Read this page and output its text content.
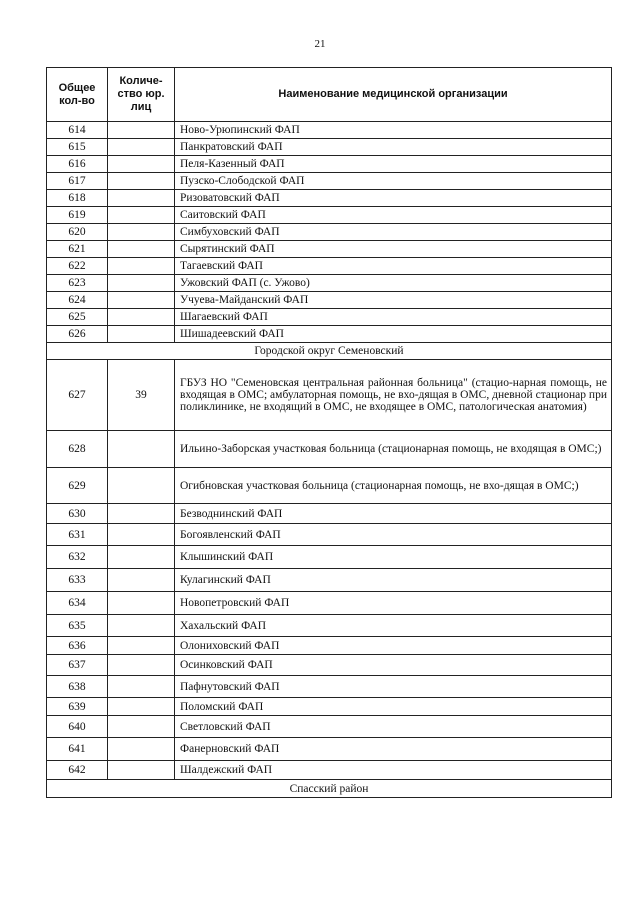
21
Общее кол-во	Количе-ство юр. лиц	Наименование медицинской организации
614		Ново-Урюпинский ФАП
615		Панкратовский ФАП
616		Пеля-Казенный ФАП
617		Пузско-Слободской ФАП
618		Ризоватовский ФАП
619		Саитовский ФАП
620		Симбуховский ФАП
621		Сырятинский ФАП
622		Тагаевский ФАП
623		Ужовский ФАП (с. Ужово)
624		Учуева-Майданский ФАП
625		Шагаевский ФАП
626		Шишадеевский ФАП
Городской округ Семеновский		
627	39	ГБУЗ НО "Семеновская центральная районная больница" (стацио-нарная помощь, не входящая в ОМС; амбулаторная помощь, не вхо-дящая в ОМС, дневной стационар при поликлинике, не входящий в ОМС, не входящее в ОМС, патологическая анатомия)
628		Ильино-Заборская участковая больница (стационарная помощь, не входящая в ОМС;)
629		Огибновская участковая больница (стационарная помощь, не вхо-дящая в ОМС;)
630		Безводнинский ФАП
631		Богоявленский ФАП
632		Клышинский ФАП
633		Кулагинский ФАП
634		Новопетровский ФАП
635		Хахальский ФАП
636		Олониховский ФАП
637		Осинковский ФАП
638		Пафнутовский ФАП
639		Поломский ФАП
640		Светловский ФАП
641		Фанерновский ФАП
642		Шалдежский ФАП
Спасский район		
